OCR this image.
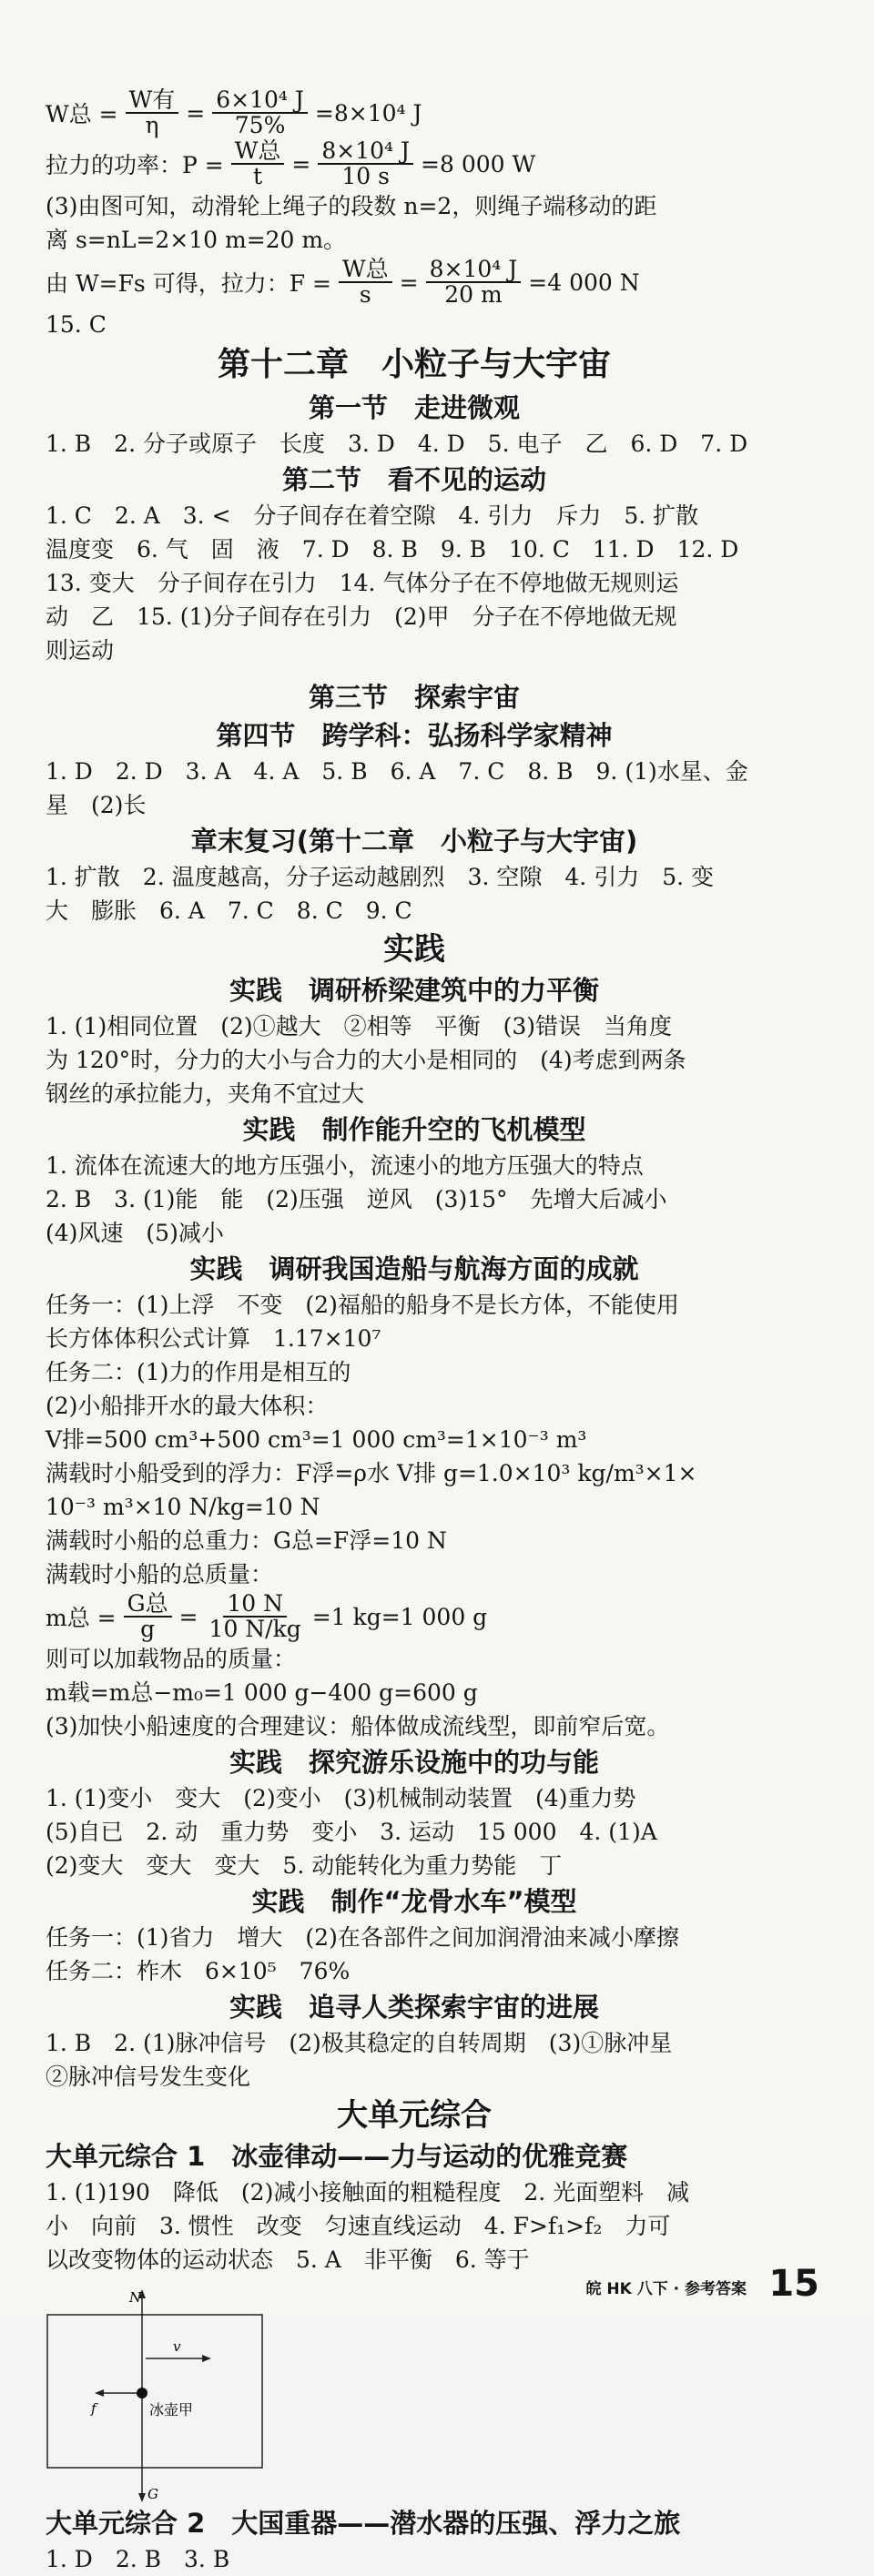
W总 = $\frac{\text{W有}}{\eta} = \frac{\text{6×10⁴ J}}{75\%} =8\times 10^4$ J
拉力的功率：$P = \frac{\text{W总}}{t} = \frac{\text{8×10⁴ J}}{10 s} =8$ 000 W
(3)由图可知，动滑轮上绳子的段数 n=2，则绳子端移动的距
离 s=nL=2×10 m=20 m。
由 W=Fs 可得，拉力：$F = \frac{\text{W总}}{s} = \frac{\text{8×10⁴ J}}{20 m} =4$ 000 N
15. C
第十二章　小粒子与大宇宙
第一节　走进微观
1. B　2. 分子或原子　长度　3. D　4. D　5. 电子　乙　6. D　7. D
第二节　看不见的运动
1. C　2. A　3. <　分子间存在着空隙　4. 引力　斥力　5. 扩散
温度变　6. 气　固　液　7. D　8. B　9. B　10. C　11. D　12. D
13. 变大　分子间存在引力　14. 气体分子在不停地做无规则运
动　乙　15. (1)分子间存在引力　(2)甲　分子在不停地做无规
则运动
第三节　探索宇宙
第四节　跨学科：弘扬科学家精神
1. D　2. D　3. A　4. A　5. B　6. A　7. C　8. B　9. (1)水星、金
星　(2)长
章末复习(第十二章　小粒子与大宇宙)
1. 扩散　2. 温度越高，分子运动越剧烈　3. 空隙　4. 引力　5. 变
大　膨胀　6. A　7. C　8. C　9. C
实践
实践　调研桥梁建筑中的力平衡
1. (1)相同位置　(2)①越大　②相等　平衡　(3)错误　当角度
为 120°时，分力的大小与合力的大小是相同的　(4)考虑到两条
钢丝的承拉能力，夹角不宜过大
实践　制作能升空的飞机模型
1. 流体在流速大的地方压强小，流速小的地方压强大的特点
2. B　3. (1)能　能　(2)压强　逆风　(3)15°　先增大后减小
(4)风速　(5)减小
实践　调研我国造船与航海方面的成就
任务一：(1)上浮　不变　(2)福船的船身不是长方体，不能使用
长方体体积公式计算　1.17×10⁷
任务二：(1)力的作用是相互的
(2)小船排开水的最大体积：
V排=500 cm³+500 cm³=1 000 cm³=1×10⁻³ m³
满载时小船受到的浮力：F浮=ρ水 V排 g=1.0×10³ kg/m³×1×
10⁻³ m³×10 N/kg=10 N
满载时小船的总重力：G总=F浮=10 N
满载时小船的总质量：
m总 = $\frac{\text{G总}}{g} = \frac{10 N}{10 N/kg} =1$ kg=1 000 g
则可以加载物品的质量：
m载=m总−m₀=1 000 g−400 g=600 g
(3)加快小船速度的合理建议：船体做成流线型，即前窄后宽。
实践　探究游乐设施中的功与能
1. (1)变小　变大　(2)变小　(3)机械制动装置　(4)重力势
(5)自已　2. 动　重力势　变小　3. 运动　15 000　4. (1)A
(2)变大　变大　变大　5. 动能转化为重力势能　丁
实践　制作“龙骨水车”模型
任务一：(1)省力　增大　(2)在各部件之间加润滑油来减小摩擦
任务二：柞木　6×10⁵　76%
实践　追寻人类探索宇宙的进展
1. B　2. (1)脉冲信号　(2)极其稳定的自转周期　(3)①脉冲星
②脉冲信号发生变化
大单元综合
大单元综合 1　冰壶律动——力与运动的优雅竞赛
1. (1)190　降低　(2)减小接触面的粗糙程度　2. 光面塑料　减
小　向前　3. 惯性　改变　匀速直线运动　4. F>f₁>f₂　力可
以改变物体的运动状态　5. A　非平衡　6. 等于
N
v
f	冰壶甲
G
大单元综合 2　大国重器——潜水器的压强、浮力之旅
1. D　2. B　3. B
皖 HK 八下 · 参考答案 15
